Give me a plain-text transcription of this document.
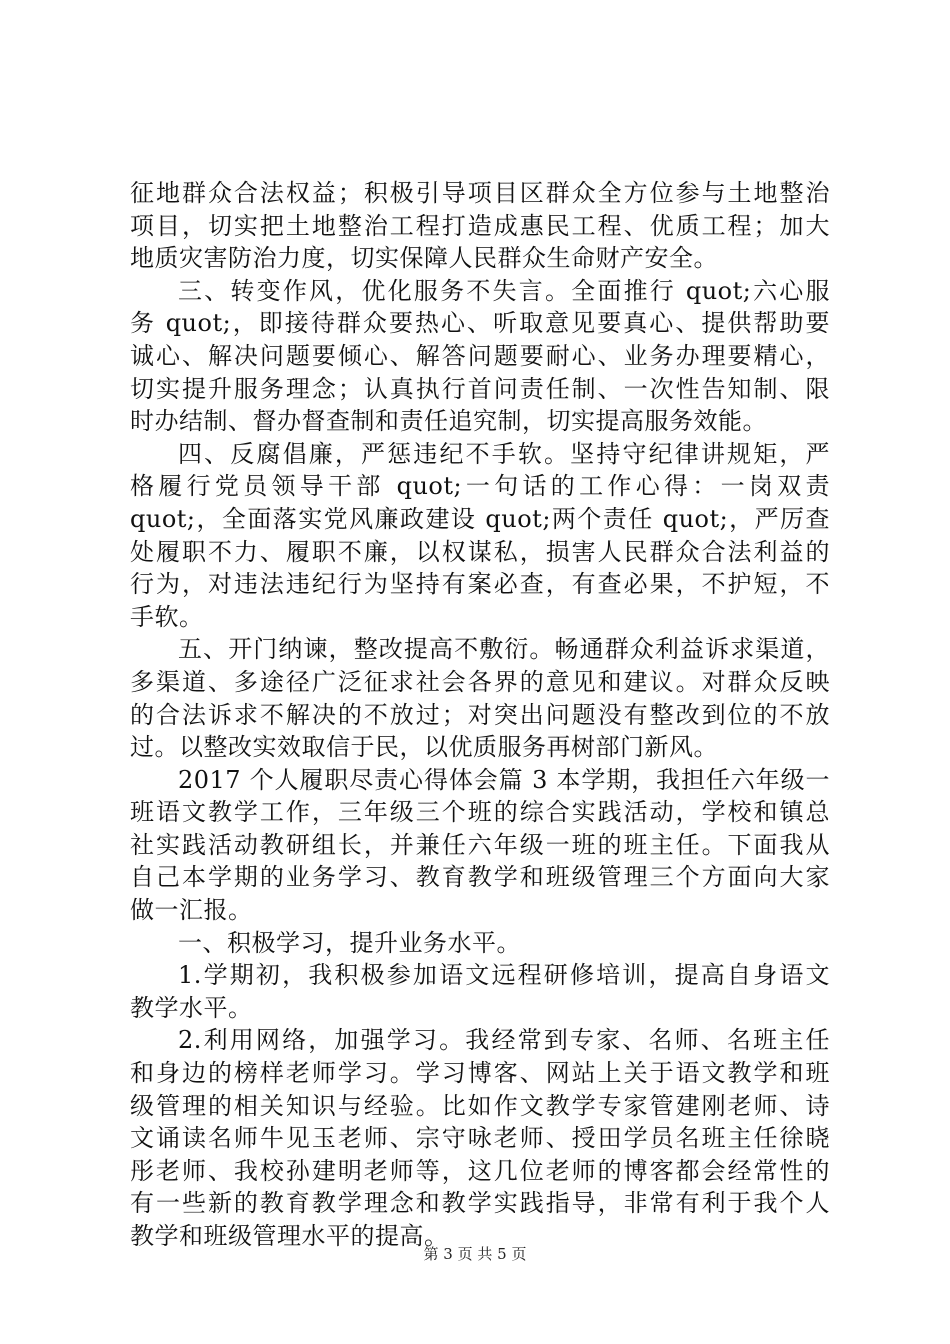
征地群众合法权益；积极引导项目区群众全方位参与土地整治
项目，切实把土地整治工程打造成惠民工程、优质工程；加大
地质灾害防治力度，切实保障人民群众生命财产安全。
三、转变作风，优化服务不失言。全面推行 quot;六心服
务 quot;，即接待群众要热心、听取意见要真心、提供帮助要
诚心、解决问题要倾心、解答问题要耐心、业务办理要精心，
切实提升服务理念；认真执行首问责任制、一次性告知制、限
时办结制、督办督查制和责任追究制，切实提高服务效能。
四、反腐倡廉，严惩违纪不手软。坚持守纪律讲规矩，严
格履行党员领导干部 quot;一句话的工作心得：一岗双责
quot;，全面落实党风廉政建设 quot;两个责任 quot;，严厉查
处履职不力、履职不廉，以权谋私，损害人民群众合法利益的
行为，对违法违纪行为坚持有案必查，有查必果，不护短，不
手软。
五、开门纳谏，整改提高不敷衍。畅通群众利益诉求渠道，
多渠道、多途径广泛征求社会各界的意见和建议。对群众反映
的合法诉求不解决的不放过；对突出问题没有整改到位的不放
过。以整改实效取信于民，以优质服务再树部门新风。
2017 个人履职尽责心得体会篇 3 本学期，我担任六年级一
班语文教学工作，三年级三个班的综合实践活动，学校和镇总
社实践活动教研组长，并兼任六年级一班的班主任。下面我从
自己本学期的业务学习、教育教学和班级管理三个方面向大家
做一汇报。
一、积极学习，提升业务水平。
1.学期初，我积极参加语文远程研修培训，提高自身语文
教学水平。
2.利用网络，加强学习。我经常到专家、名师、名班主任
和身边的榜样老师学习。学习博客、网站上关于语文教学和班
级管理的相关知识与经验。比如作文教学专家管建刚老师、诗
文诵读名师牛见玉老师、宗守咏老师、授田学员名班主任徐晓
彤老师、我校孙建明老师等，这几位老师的博客都会经常性的
有一些新的教育教学理念和教学实践指导，非常有利于我个人
教学和班级管理水平的提高。
第 3 页 共 5 页
